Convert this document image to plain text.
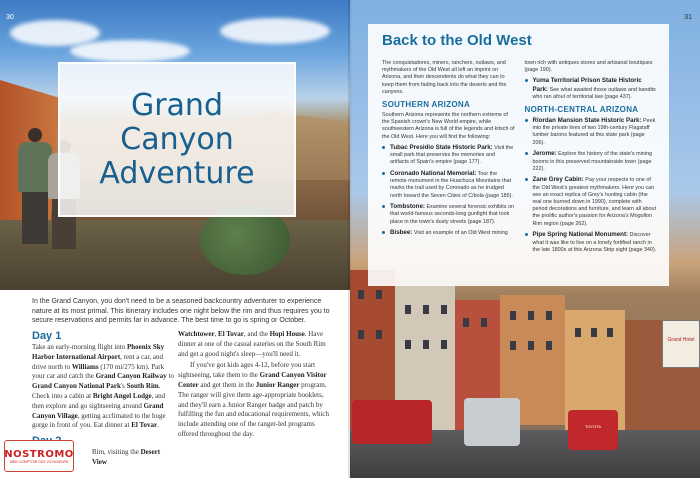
30
Grand
Canyon
Adventure

In the Grand Canyon, you don't need to be a seasoned backcountry adventurer to experience nature at its most primal. This itinerary includes one night below the rim and thus requires you to secure reservations and permits far in advance. The best time to go is spring or October.

Day 1

Take an early-morning flight into Phoenix Sky Harbor International Airport, rent a car, and drive north to Williams (170 mi/275 km). Park your car and catch the Grand Canyon Railway to Grand Canyon National Park's South Rim. Check into a cabin at Bright Angel Lodge, and then explore and go sightseeing around Grand Canyon Village, getting acclimated to the huge gorge in front of you. Eat dinner at El Tovar.

Rim, visiting the Desert View

Watchtower, El Tovar, and the Hopi House. Have dinner at one of the casual eateries on the South Rim and get a good night's sleep—you'll need it.

If you've got kids ages 4-12, before you start sightseeing, take them to the Grand Canyon Visitor Center and get them in the Junior Ranger program. The ranger will give them age-appropriate booklets, and they'll earn a Junior Ranger badge and patch by fulfilling the fun and educational requirements, which include attending one of the ranger-led programs offered throughout the day.

NOSTROMO
WEB COMPTOIR DES VOYAGEURS
Grand Hotel
TOYOTA
31
Back to the Old West

The conquistadores, miners, ranchers, outlaws, and mythmakers of the Old West all left an imprint on Arizona, and their descendents do what they can to keep them from fading back into the deserts and the canyons.

SOUTHERN ARIZONA

Southern Arizona represents the northern extreme of the Spanish crown's New World empire, while southwestern Arizona is full of the legends and kitsch of the Old West. Here you will find the following:

Tubac Presidio State Historic Park: Visit the small park that preserves the memories and artifacts of Spain's empire (page 177).
Coronado National Memorial: Tour the remote monument in the Huachuca Mountains that marks the trail used by Coronado as he trudged north toward the Seven Cities of Cíbola (page 185).
Tombstone: Examine several forensic exhibits on that world-famous seconds-long gunfight that took place in the town's dusty streets (page 187).
Bisbee: Visit an example of an Old West mining

town rich with antiques stores and artisanal boutiques (page 190).

Yuma Territorial Prison State Historic Park: See what awaited those outlaws and bandits who ran afoul of territorial law (page 437).
NORTH-CENTRAL ARIZONA
Riordan Mansion State Historic Park: Peek into the private lives of two 19th-century Flagstaff lumber barons featured at this state park (page 206).
Jerome: Explore the history of the state's mining booms in this preserved mountainside town (page 222).
Zane Grey Cabin: Pay your respects to one of the Old West's greatest mythmakers. Here you can see an exact replica of Grey's hunting cabin (the real one burned down in 1990), complete with period decorations and furniture, and learn all about the prolific author's passion for Arizona's Mogollon Rim region (page 262).
Pipe Spring National Monument: Discover what it was like to live on a lonely fortified ranch in the late 1800s at this Arizona Strip sight (page 340).
